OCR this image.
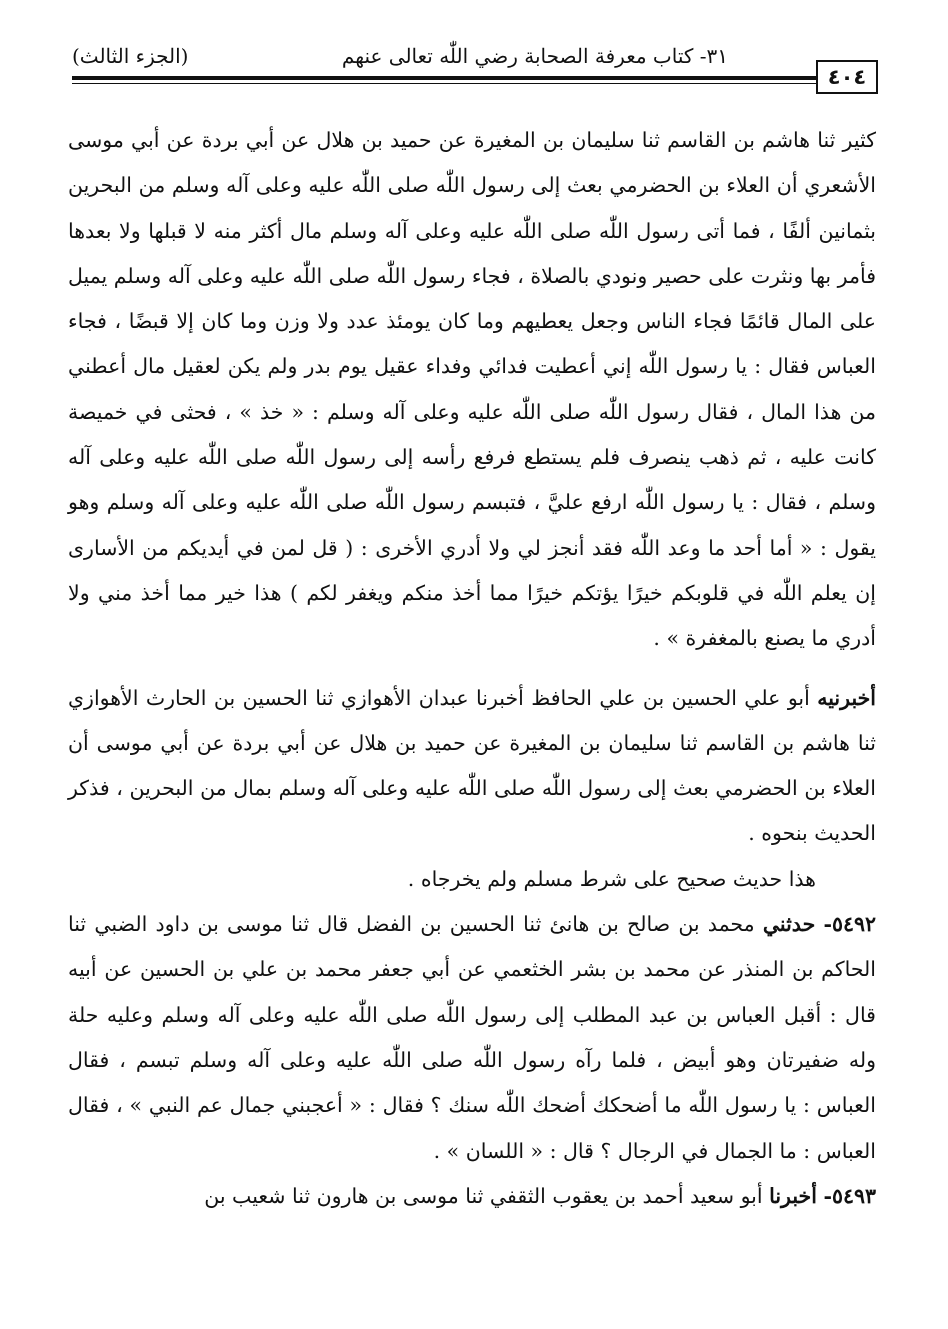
٤٠٤
٣١- كتاب معرفة الصحابة رضي اللّٰه تعالى عنهم
(الجزء الثالث)

كثير ثنا هاشم بن القاسم ثنا سليمان بن المغيرة عن حميد بن هلال عن أبي بردة عن أبي موسى الأشعري أن العلاء بن الحضرمي بعث إلى رسول اللّٰه صلى اللّٰه عليه وعلى آله وسلم من البحرين بثمانين ألفًا ، فما أتى رسول اللّٰه صلى اللّٰه عليه وعلى آله وسلم مال أكثر منه لا قبلها ولا بعدها فأمر بها ونثرت على حصير ونودي بالصلاة ، فجاء رسول اللّٰه صلى اللّٰه عليه وعلى آله وسلم يميل على المال قائمًا فجاء الناس وجعل يعطيهم وما كان يومئذ عدد ولا وزن وما كان إلا قبضًا ، فجاء العباس فقال : يا رسول اللّٰه إني أعطيت فدائي وفداء عقيل يوم بدر ولم يكن لعقيل مال أعطني من هذا المال ، فقال رسول اللّٰه صلى اللّٰه عليه وعلى آله وسلم : « خذ » ، فحثى في خميصة كانت عليه ، ثم ذهب ينصرف فلم يستطع فرفع رأسه إلى رسول اللّٰه صلى اللّٰه عليه وعلى آله وسلم ، فقال : يا رسول اللّٰه ارفع عليَّ ، فتبسم رسول اللّٰه صلى اللّٰه عليه وعلى آله وسلم وهو يقول : « أما أحد ما وعد اللّٰه فقد أنجز لي ولا أدري الأخرى : ( قل لمن في أيديكم من الأسارى إن يعلم اللّٰه في قلوبكم خيرًا يؤتكم خيرًا مما أخذ منكم ويغفر لكم ) هذا خير مما أخذ مني ولا أدري ما يصنع بالمغفرة » .

أخبرنيه أبو علي الحسين بن علي الحافظ أخبرنا عبدان الأهوازي ثنا الحسين بن الحارث الأهوازي ثنا هاشم بن القاسم ثنا سليمان بن المغيرة عن حميد بن هلال عن أبي بردة عن أبي موسى أن العلاء بن الحضرمي بعث إلى رسول اللّٰه صلى اللّٰه عليه وعلى آله وسلم بمال من البحرين ، فذكر الحديث بنحوه .

هذا حديث صحيح على شرط مسلم ولم يخرجاه .

٥٤٩٢- حدثني محمد بن صالح بن هانئ ثنا الحسين بن الفضل قال ثنا موسى بن داود الضبي ثنا الحاكم بن المنذر عن محمد بن بشر الخثعمي عن أبي جعفر محمد بن علي بن الحسين عن أبيه قال : أقبل العباس بن عبد المطلب إلى رسول اللّٰه صلى اللّٰه عليه وعلى آله وسلم وعليه حلة وله ضفيرتان وهو أبيض ، فلما رآه رسول اللّٰه صلى اللّٰه عليه وعلى آله وسلم تبسم ، فقال العباس : يا رسول اللّٰه ما أضحكك أضحك اللّٰه سنك ؟ فقال : « أعجبني جمال عم النبي » ، فقال العباس : ما الجمال في الرجال ؟ قال : « اللسان » .

٥٤٩٣- أخبرنا أبو سعيد أحمد بن يعقوب الثقفي ثنا موسى بن هارون ثنا شعيب بن
